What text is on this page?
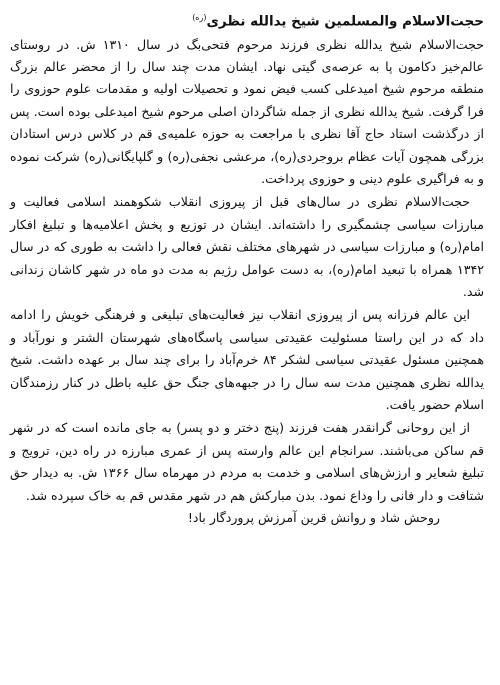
حجت‌الاسلام والمسلمین شیخ یدالله نظری$^{(ره)}$

حجت‌الاسلام شیخ یدالله نظری فرزند مرحوم فتحی‌بگ در سال ۱۳۱۰ ش. در روستای عالم‌خیز دکامون پا به عرصه‌ی گیتی نهاد. ایشان مدت چند سال را از محضر عالم بزرگ منطقه مرحوم شیخ امیدعلی کسب فیض نمود و تحصیلات اولیه و مقدمات علوم حوزوی را فرا گرفت. شیخ یدالله نظری از جمله شاگردان اصلی مرحوم شیخ امیدعلی بوده است. پس از درگذشت استاد حاج آقا نظری با مراجعت به حوزه علمیه‌ی قم در کلاس درس استادان بزرگی همچون آیات عظام بروجردی(ره)، مرعشی نجفی(ره) و گلپایگانی(ره) شرکت نموده و به فراگیری علوم دینی و حوزوی پرداخت.

حجت‌الاسلام نظری در سال‌های قبل از پیروزی انقلاب شکوهمند اسلامی فعالیت و مبارزات سیاسی چشمگیری را داشته‌اند. ایشان در توزیع و پخش اعلامیه‌ها و تبلیغ افکار امام(ره) و مبارزات سیاسی در شهرهای مختلف نقش فعالی را داشت به طوری که در سال ۱۳۴۲ همراه با تبعید امام(ره)، به دست عوامل رژیم به مدت دو ماه در شهر کاشان زندانی شد.

این عالم فرزانه پس از پیروزی انقلاب نیز فعالیت‌های تبلیغی و فرهنگی خویش را ادامه داد که در این راستا مسئولیت عقیدتی سیاسی پاسگاه‌های شهرستان الشتر و نورآباد و همچنین مسئول عقیدتی سیاسی لشکر ۸۴ خرم‌آباد را برای چند سال بر عهده داشت. شیخ یدالله نظری همچنین مدت سه سال را در جبهه‌های جنگ حق علیه باطل در کنار رزمندگان اسلام حضور یافت.

از این روحانی گرانقدر هفت فرزند (پنج دختر و دو پسر) به جای مانده است که در شهر قم ساکن می‌باشند. سرانجام این عالم وارسته پس از عمری مبارزه در راه دین، ترویج و تبلیغ شعایر و ارزش‌های اسلامی و خدمت به مردم در مهرماه سال ۱۳۶۶ ش. به دیدار حق شتافت و دار فانی را وداع نمود. بدن مبارکش هم در شهر مقدس قم به خاک سپرده شد.

روحش شاد و روانش قرین آمرزش پروردگار باد!
